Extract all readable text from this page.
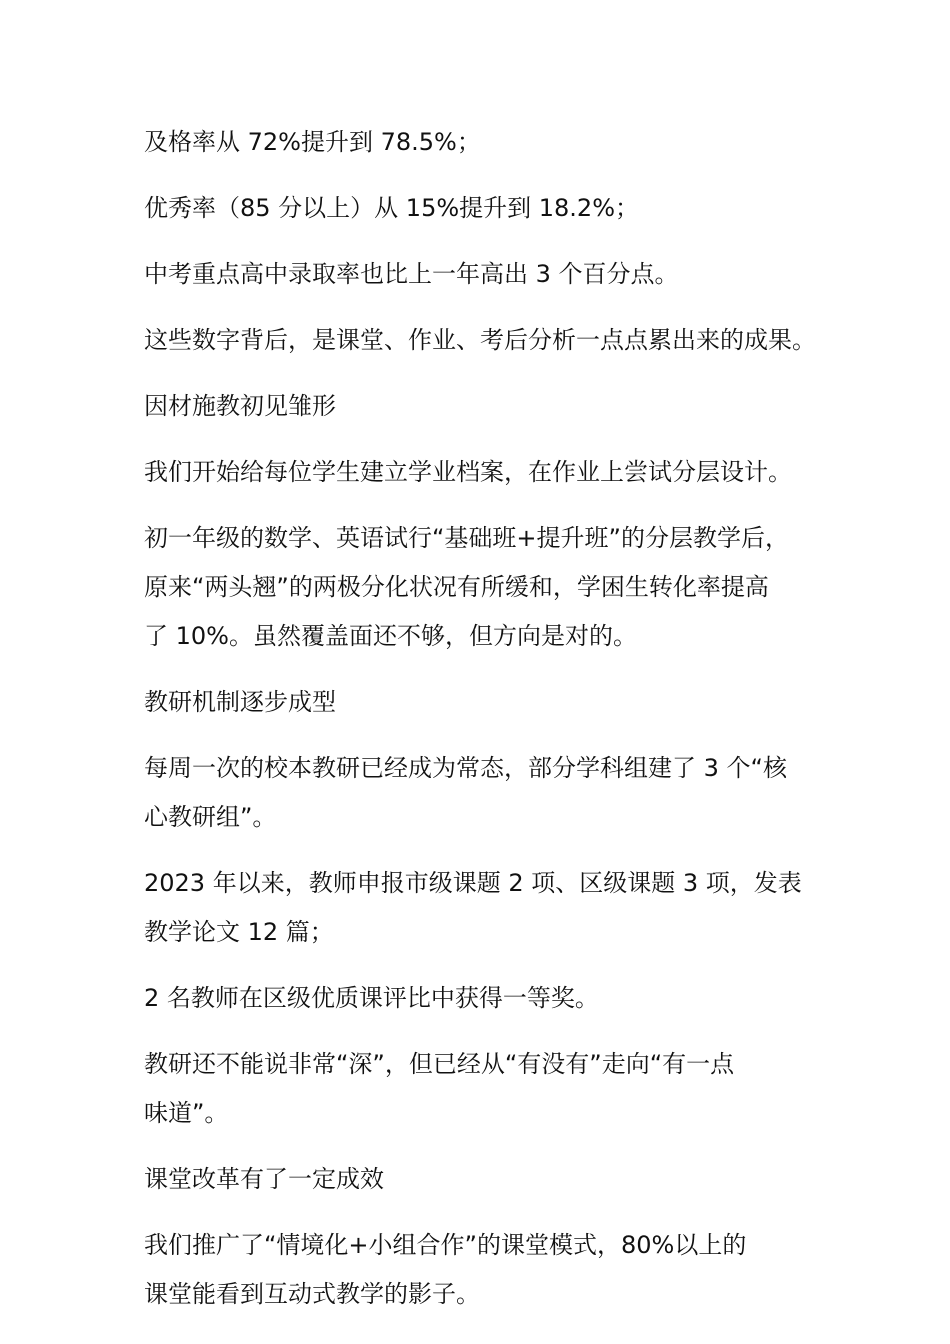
及格率从 72%提升到 78.5%；

优秀率（85 分以上）从 15%提升到 18.2%；

中考重点高中录取率也比上一年高出 3 个百分点。

这些数字背后，是课堂、作业、考后分析一点点累出来的成果。

因材施教初见雏形

我们开始给每位学生建立学业档案，在作业上尝试分层设计。

初一年级的数学、英语试行“基础班+提升班”的分层教学后，
原来“两头翘”的两极分化状况有所缓和，学困生转化率提高
了 10%。虽然覆盖面还不够，但方向是对的。

教研机制逐步成型

每周一次的校本教研已经成为常态，部分学科组建了 3 个“核
心教研组”。

2023 年以来，教师申报市级课题 2 项、区级课题 3 项，发表
教学论文 12 篇；

2 名教师在区级优质课评比中获得一等奖。

教研还不能说非常“深”，但已经从“有没有”走向“有一点
味道”。

课堂改革有了一定成效

我们推广了“情境化+小组合作”的课堂模式，80%以上的
课堂能看到互动式教学的影子。
